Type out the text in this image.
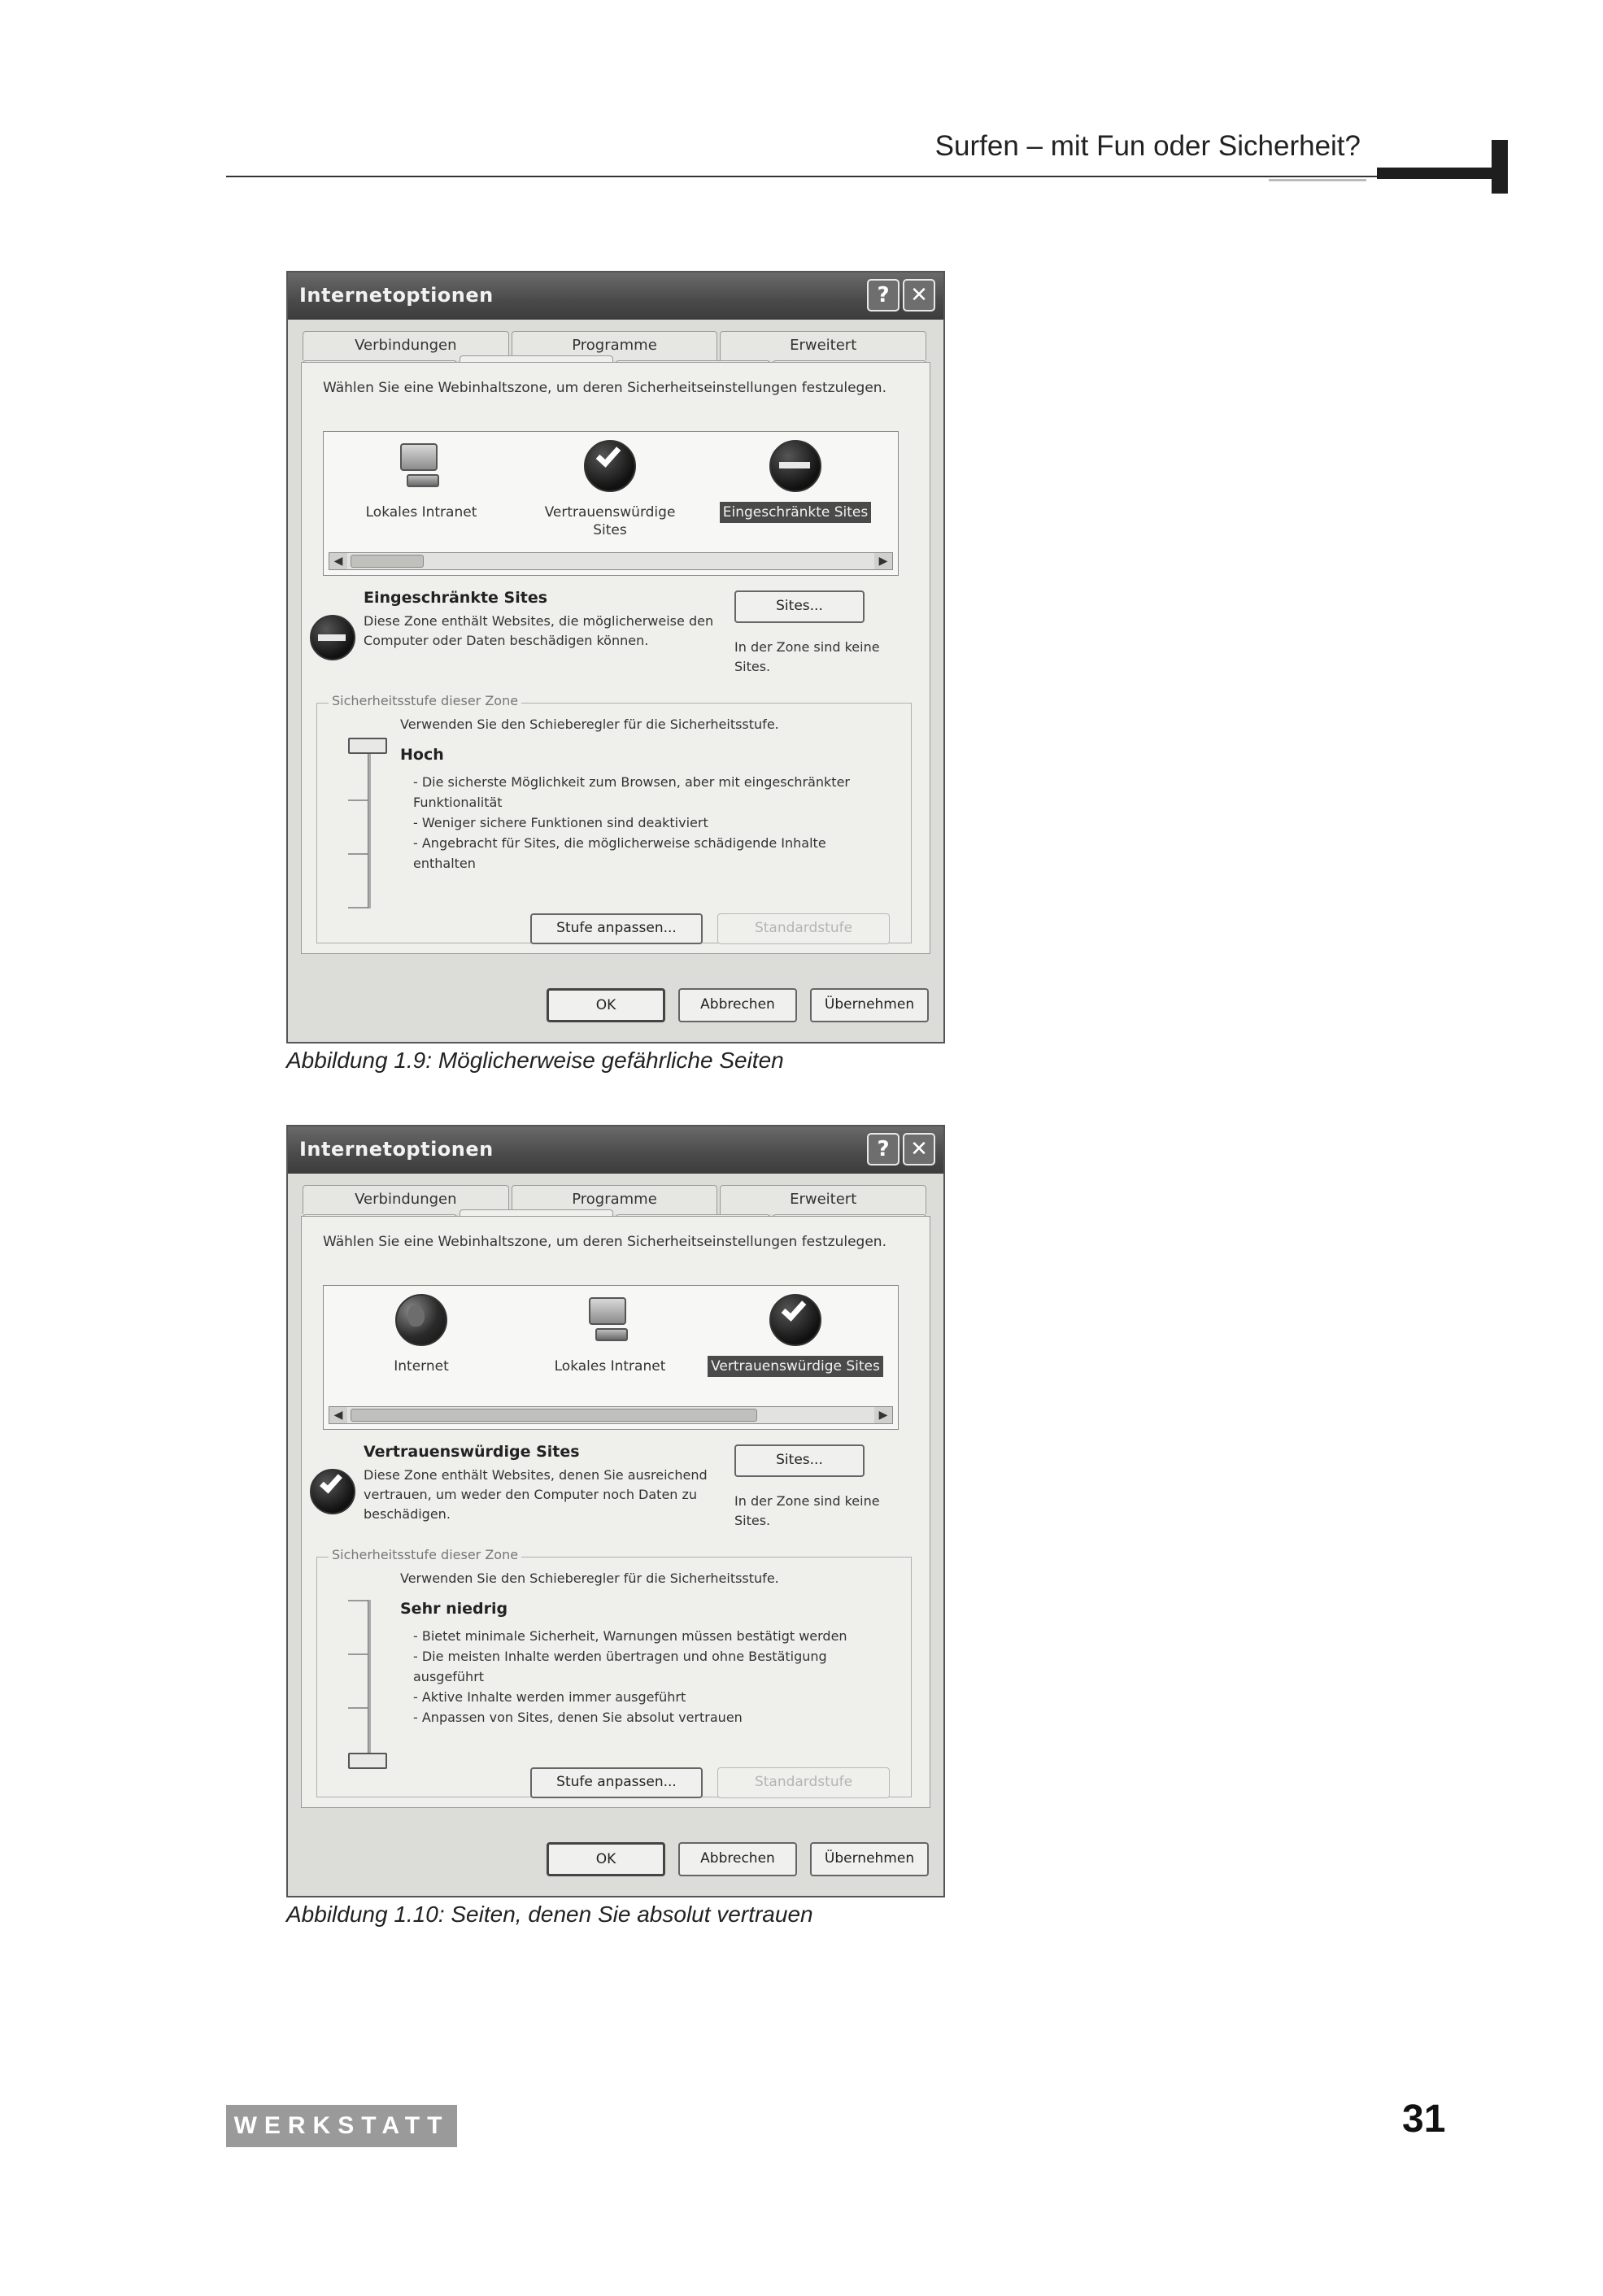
Surfen – mit Fun oder Sicherheit?
Internetoptionen	? ✕
Verbindungen	Programme	Erweitert
Wählen Sie eine Webinhaltszone, um deren Sicherheitseinstellungen festzulegen.
Lokales Intranet	Vertrauenswürdige Sites
Eingeschränkte Sites
◀	▶
Eingeschränkte Sites
Diese Zone enthält Websites, die möglicherweise den Computer oder Daten beschädigen können.
Sites...
In der Zone sind keine Sites.
Sicherheitsstufe dieser Zone
Verwenden Sie den Schieberegler für die Sicherheitsstufe.
Hoch
- Die sicherste Möglichkeit zum Browsen, aber mit eingeschränkter Funktionalität
- Weniger sichere Funktionen sind deaktiviert
- Angebracht für Sites, die möglicherweise schädigende Inhalte enthalten
Stufe anpassen...	Standardstufe
OK	Abbrechen	Übernehmen
Abbildung 1.9: Möglicherweise gefährliche Seiten
Internetoptionen	? ✕
Verbindungen	Programme	Erweitert
Wählen Sie eine Webinhaltszone, um deren Sicherheitseinstellungen festzulegen.
Internet	Lokales Intranet	Vertrauenswürdige Sites
◀	▶
Vertrauenswürdige Sites
Diese Zone enthält Websites, denen Sie ausreichend vertrauen, um weder den Computer noch Daten zu beschädigen.
Sites...
In der Zone sind keine Sites.
Sicherheitsstufe dieser Zone
Verwenden Sie den Schieberegler für die Sicherheitsstufe.
Sehr niedrig
- Bietet minimale Sicherheit, Warnungen müssen bestätigt werden
- Die meisten Inhalte werden übertragen und ohne Bestätigung ausgeführt
- Aktive Inhalte werden immer ausgeführt
- Anpassen von Sites, denen Sie absolut vertrauen
Stufe anpassen...	Standardstufe
OK	Abbrechen	Übernehmen
Abbildung 1.10: Seiten, denen Sie absolut vertrauen
WERKSTATT	31
